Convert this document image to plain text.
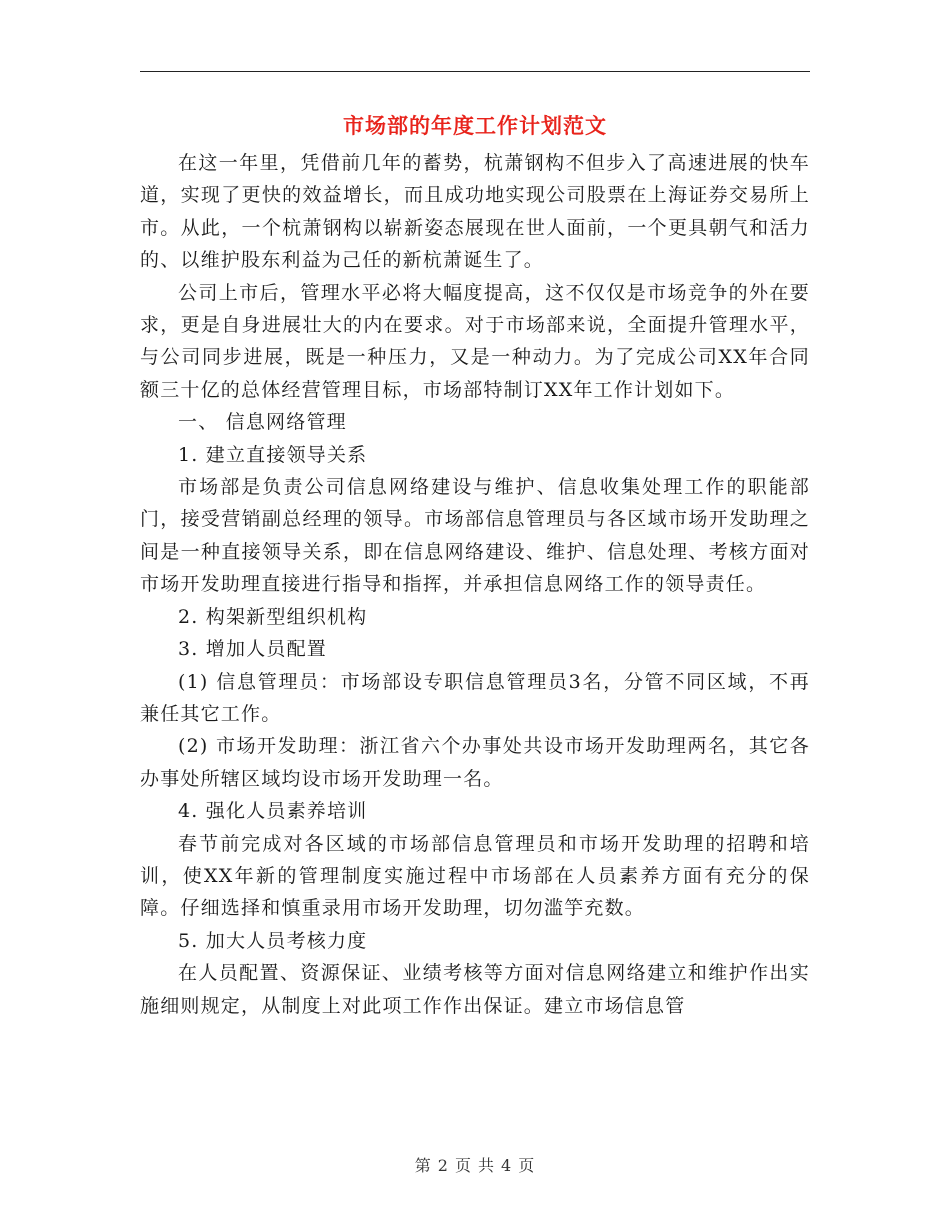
市场部的年度工作计划范文

在这一年里，凭借前几年的蓄势，杭萧钢构不但步入了高速进展的快车道，实现了更快的效益增长，而且成功地实现公司股票在上海证券交易所上市。从此，一个杭萧钢构以崭新姿态展现在世人面前，一个更具朝气和活力的、以维护股东利益为己任的新杭萧诞生了。

公司上市后，管理水平必将大幅度提高，这不仅仅是市场竞争的外在要求，更是自身进展壮大的内在要求。对于市场部来说，全面提升管理水平，与公司同步进展，既是一种压力，又是一种动力。为了完成公司XX年合同额三十亿的总体经营管理目标，市场部特制订XX年工作计划如下。

一、 信息网络管理

1. 建立直接领导关系

市场部是负责公司信息网络建设与维护、信息收集处理工作的职能部门，接受营销副总经理的领导。市场部信息管理员与各区域市场开发助理之间是一种直接领导关系，即在信息网络建设、维护、信息处理、考核方面对市场开发助理直接进行指导和指挥，并承担信息网络工作的领导责任。

2. 构架新型组织机构

3. 增加人员配置

(1) 信息管理员：市场部设专职信息管理员3名，分管不同区域，不再兼任其它工作。

(2) 市场开发助理：浙江省六个办事处共设市场开发助理两名，其它各办事处所辖区域均设市场开发助理一名。

4. 强化人员素养培训

春节前完成对各区域的市场部信息管理员和市场开发助理的招聘和培训，使XX年新的管理制度实施过程中市场部在人员素养方面有充分的保障。仔细选择和慎重录用市场开发助理，切勿滥竽充数。

5. 加大人员考核力度

在人员配置、资源保证、业绩考核等方面对信息网络建立和维护作出实施细则规定，从制度上对此项工作作出保证。建立市场信息管

第 2 页 共 4 页
